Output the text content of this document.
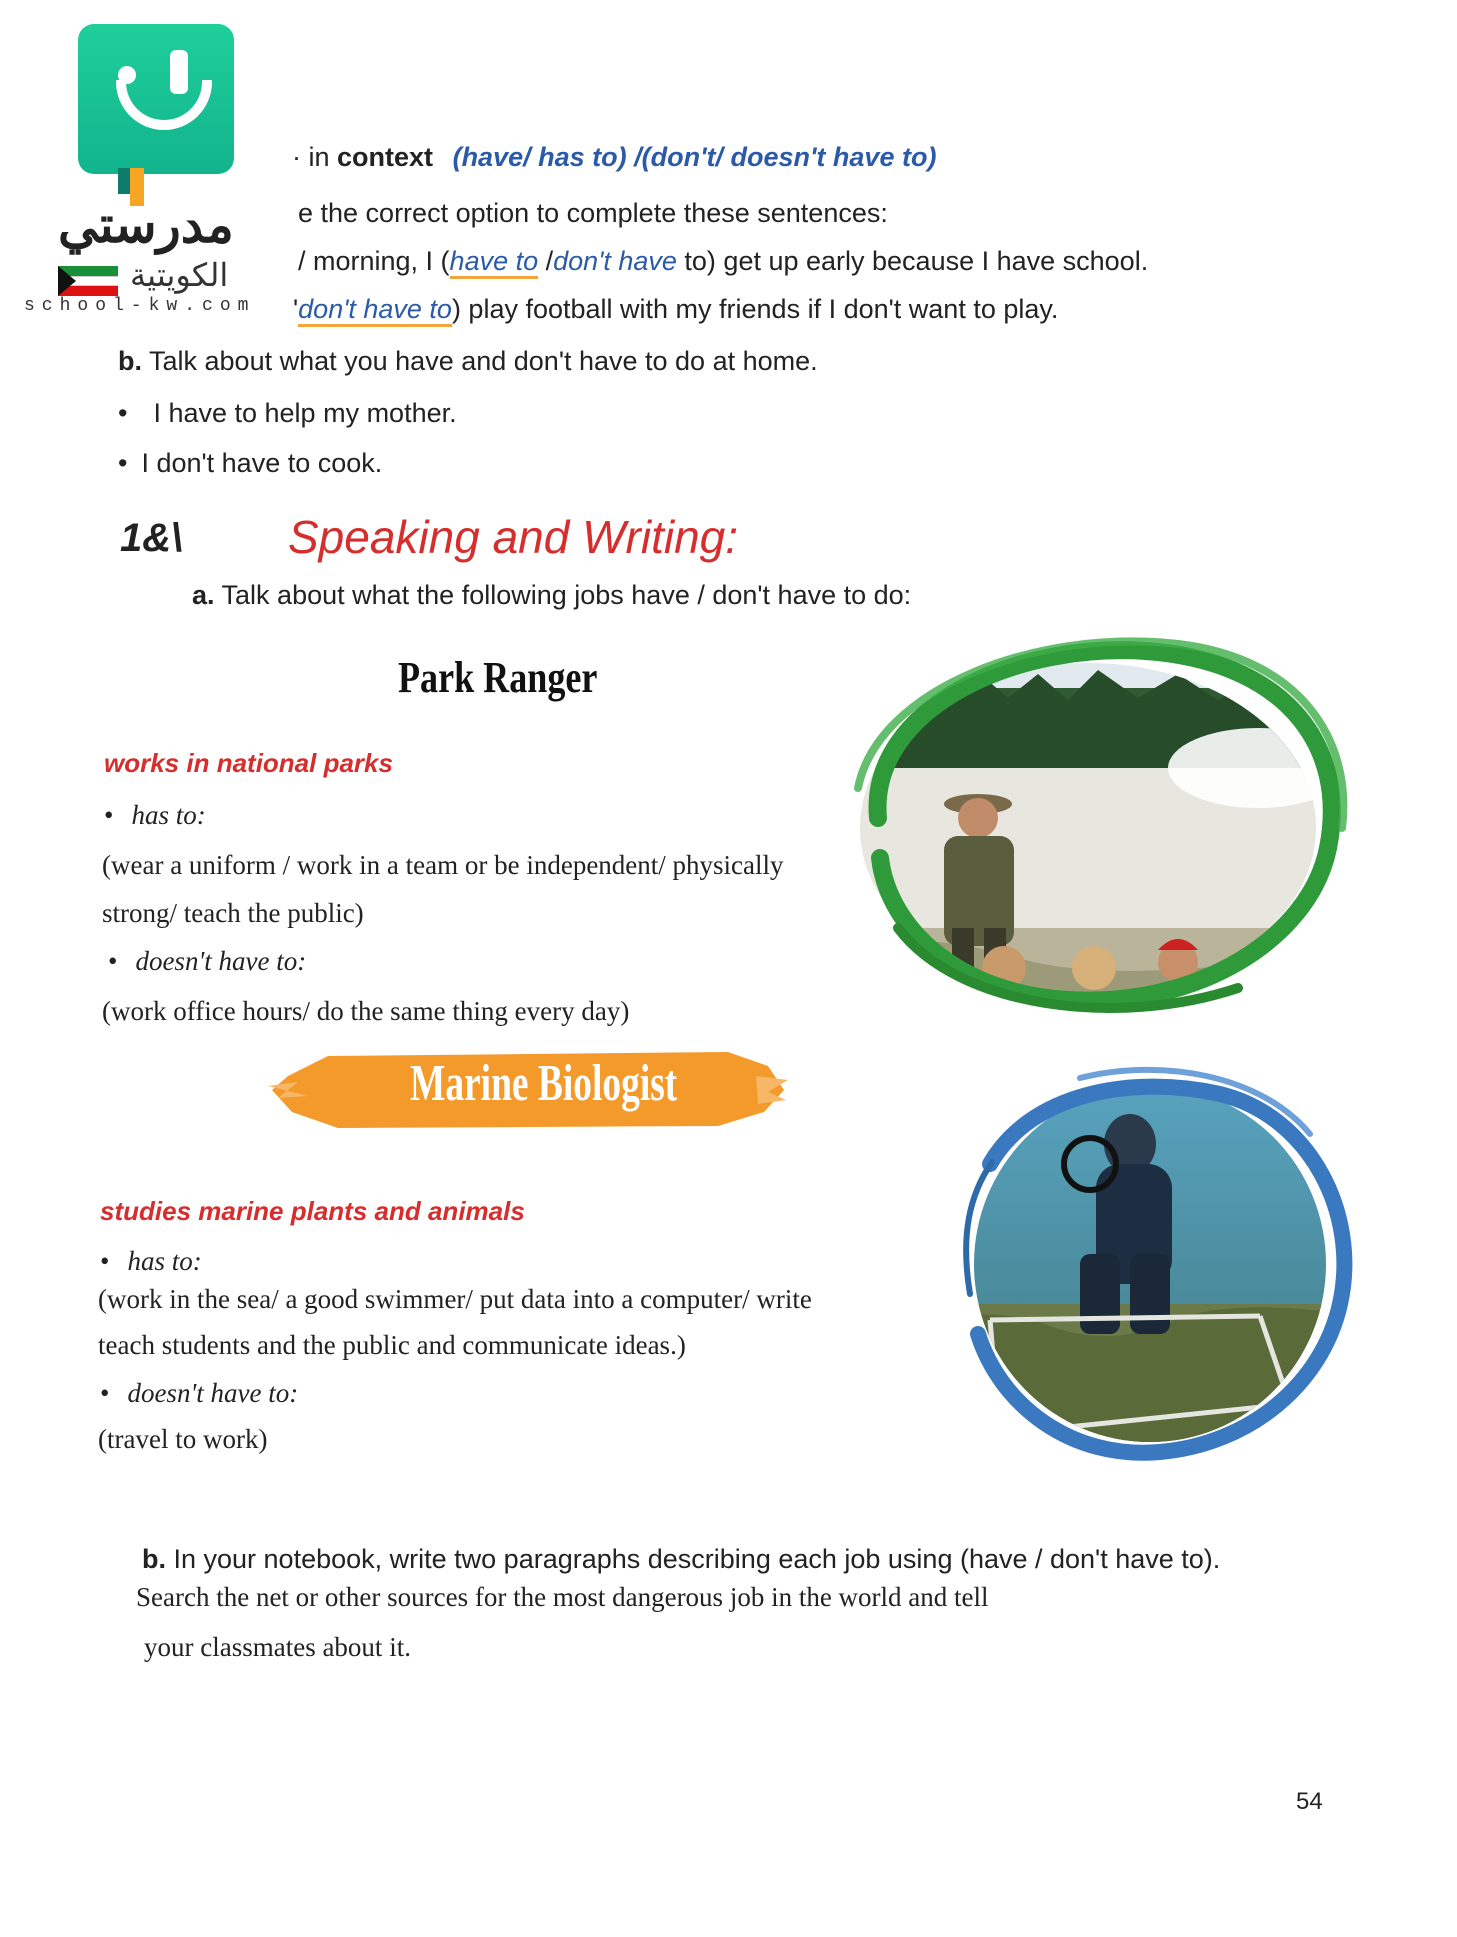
مدرستي
الكويتية
school-kw.com
· in context (have/ has to) /(don't/ doesn't have to)
e the correct option to complete these sentences:
/ morning, I (have to /don't have to) get up early because I have school.
'don't have to) play football with my friends if I don't want to play.
b. Talk about what you have and don't have to do at home.
• I have to help my mother.
• I don't have to cook.
1&\ Speaking and Writing:
a. Talk about what the following jobs have / don't have to do:
Park Ranger
works in national parks
• has to:
(wear a uniform / work in a team or be independent/ physically
strong/ teach the public)
• doesn't have to:
(work office hours/ do the same thing every day)
Marine Biologist
studies marine plants and animals
• has to:
(work in the sea/ a good swimmer/ put data into a computer/ write
teach students and the public and communicate ideas.)
• doesn't have to:
(travel to work)
b. In your notebook, write two paragraphs describing each job using (have / don't have to).
Search the net or other sources for the most dangerous job in the world and tell
your classmates about it.
54
